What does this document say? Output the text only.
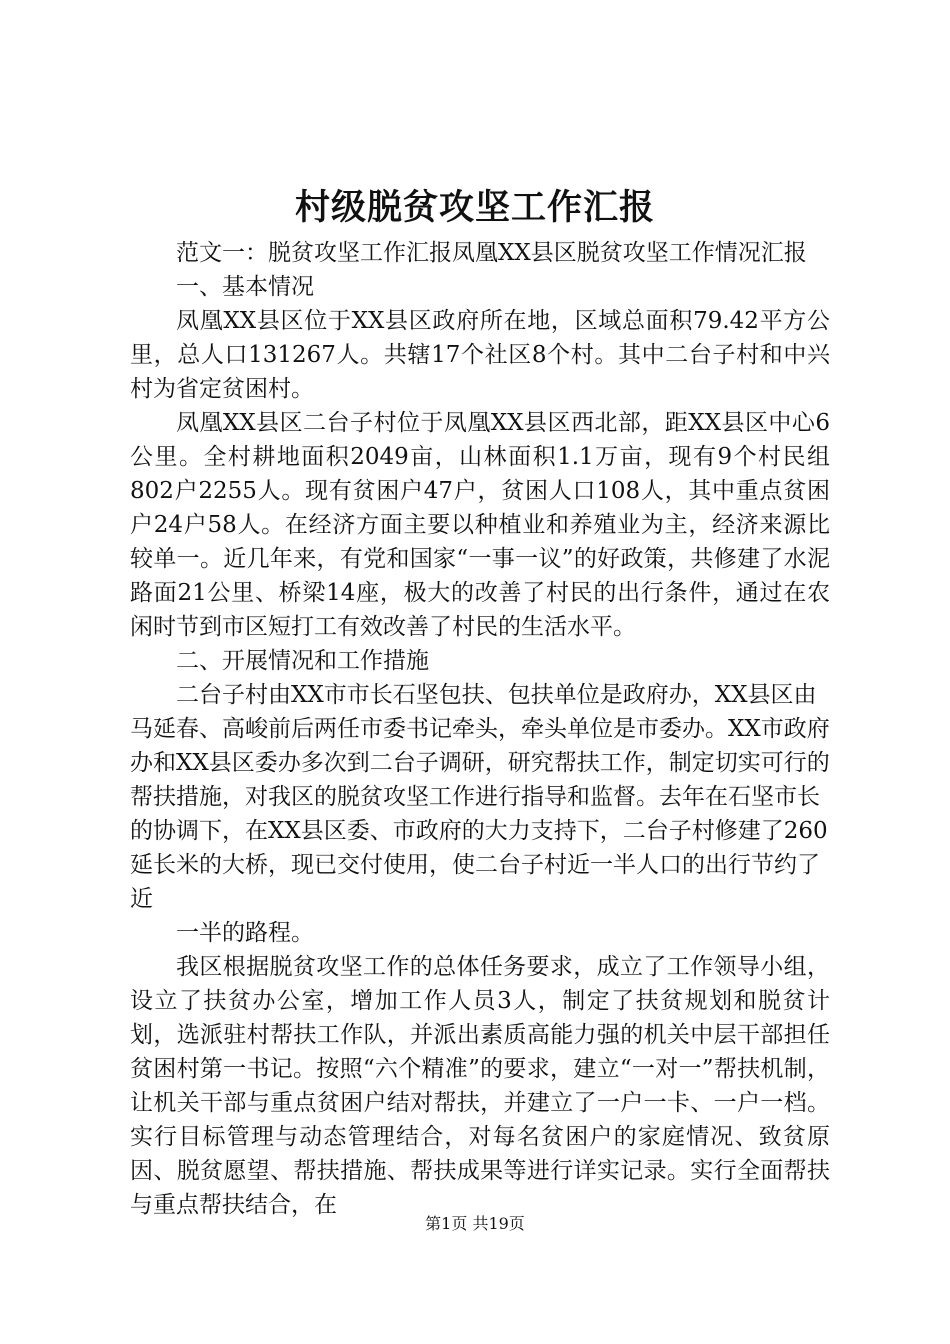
村级脱贫攻坚工作汇报

范文一：脱贫攻坚工作汇报凤凰XX县区脱贫攻坚工作情况汇报

一、基本情况

凤凰XX县区位于XX县区政府所在地，区域总面积79.42平方公里，总人口131267人。共辖17个社区8个村。其中二台子村和中兴村为省定贫困村。

凤凰XX县区二台子村位于凤凰XX县区西北部，距XX县区中心6公里。全村耕地面积2049亩，山林面积1.1万亩，现有9个村民组802户2255人。现有贫困户47户，贫困人口108人，其中重点贫困户24户58人。在经济方面主要以种植业和养殖业为主，经济来源比较单一。近几年来，有党和国家“一事一议”的好政策，共修建了水泥路面21公里、桥梁14座，极大的改善了村民的出行条件，通过在农闲时节到市区短打工有效改善了村民的生活水平。

二、开展情况和工作措施

二台子村由XX市市长石坚包扶、包扶单位是政府办，XX县区由马延春、高峻前后两任市委书记牵头，牵头单位是市委办。XX市政府办和XX县区委办多次到二台子调研，研究帮扶工作，制定切实可行的帮扶措施，对我区的脱贫攻坚工作进行指导和监督。去年在石坚市长的协调下，在XX县区委、市政府的大力支持下，二台子村修建了260延长米的大桥，现已交付使用，使二台子村近一半人口的出行节约了近

一半的路程。

我区根据脱贫攻坚工作的总体任务要求，成立了工作领导小组，设立了扶贫办公室，增加工作人员3人，制定了扶贫规划和脱贫计划，选派驻村帮扶工作队，并派出素质高能力强的机关中层干部担任贫困村第一书记。按照“六个精准”的要求，建立“一对一”帮扶机制，让机关干部与重点贫困户结对帮扶，并建立了一户一卡、一户一档。实行目标管理与动态管理结合，对每名贫困户的家庭情况、致贫原因、脱贫愿望、帮扶措施、帮扶成果等进行详实记录。实行全面帮扶与重点帮扶结合，在

第1页 共19页
